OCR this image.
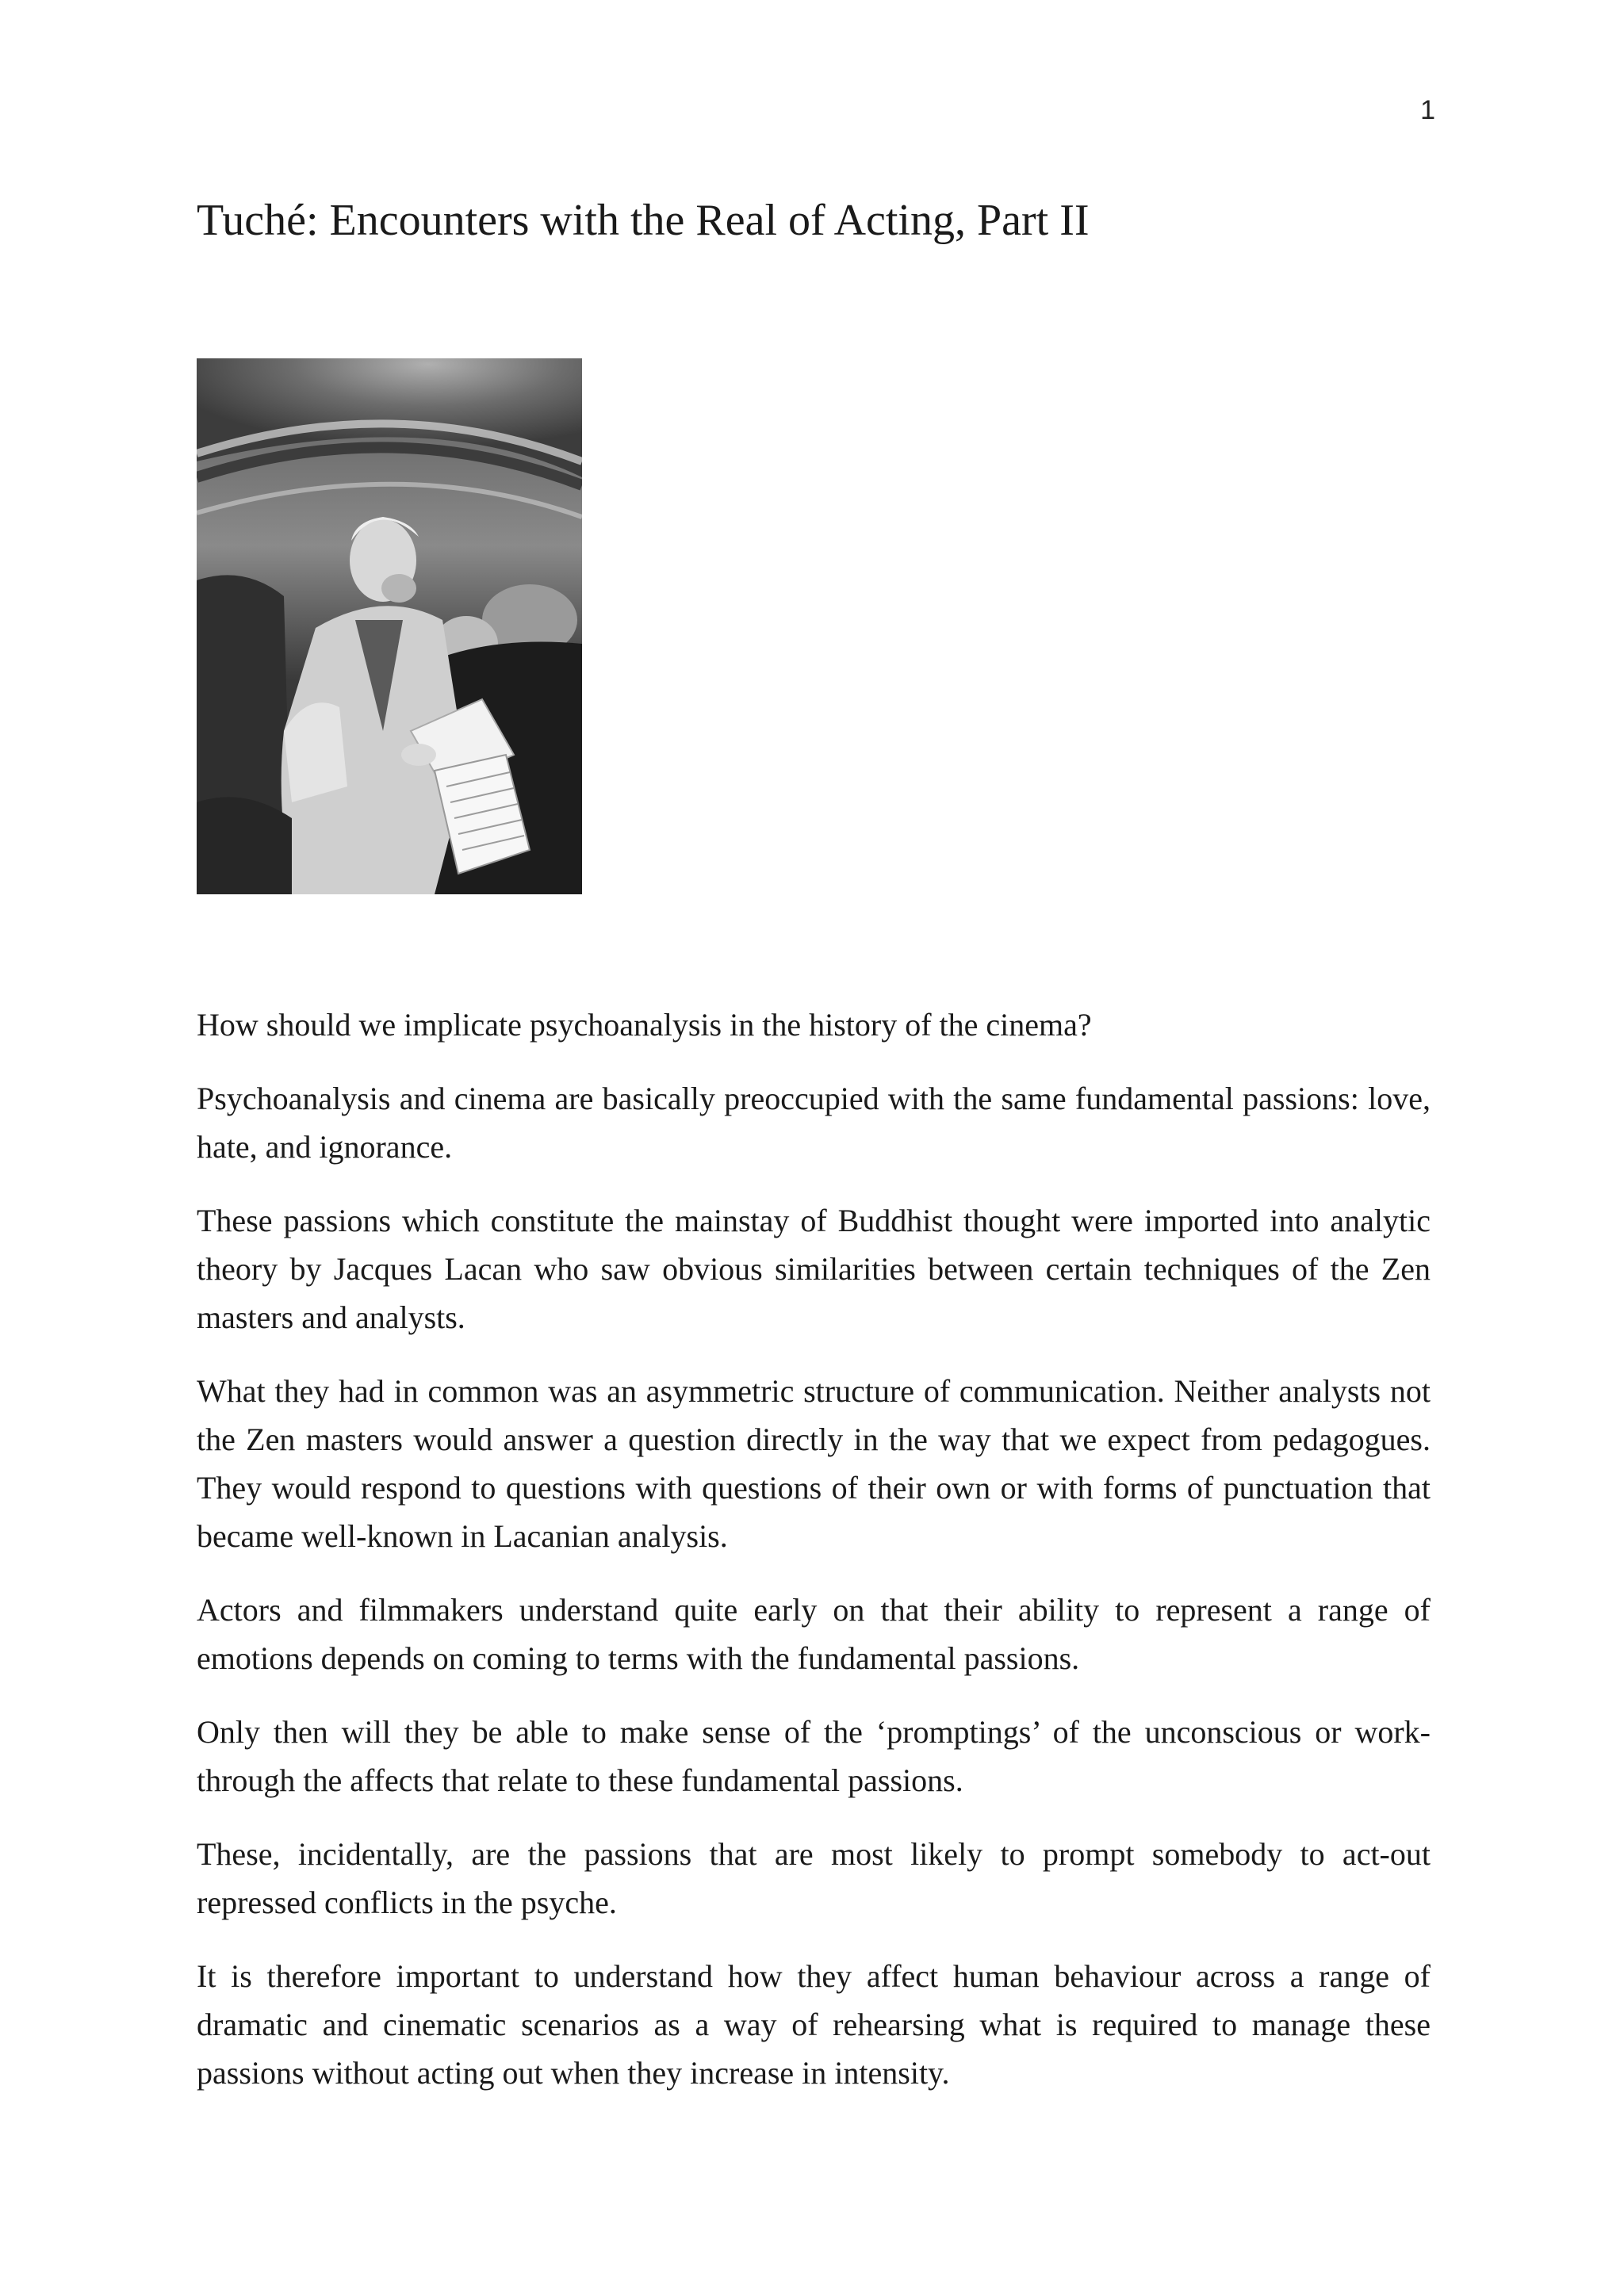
1
Tuché: Encounters with the Real of Acting, Part II

How should we implicate psychoanalysis in the history of the cinema?

Psychoanalysis and cinema are basically preoccupied with the same fundamental passions: love, hate, and ignorance.

These passions which constitute the mainstay of Buddhist thought were imported into analytic theory by Jacques Lacan who saw obvious similarities between certain techniques of the Zen masters and analysts.

What they had in common was an asymmetric structure of communication. Neither analysts not the Zen masters would answer a question directly in the way that we expect from pedagogues. They would respond to questions with questions of their own or with forms of punctuation that became well-known in Lacanian analysis.

Actors and filmmakers understand quite early on that their ability to represent a range of emotions depends on coming to terms with the fundamental passions.

Only then will they be able to make sense of the ‘promptings’ of the unconscious or work-through the affects that relate to these fundamental passions.

These, incidentally, are the passions that are most likely to prompt somebody to act-out repressed conflicts in the psyche.

It is therefore important to understand how they affect human behaviour across a range of dramatic and cinematic scenarios as a way of rehearsing what is required to manage these passions without acting out when they increase in intensity.
